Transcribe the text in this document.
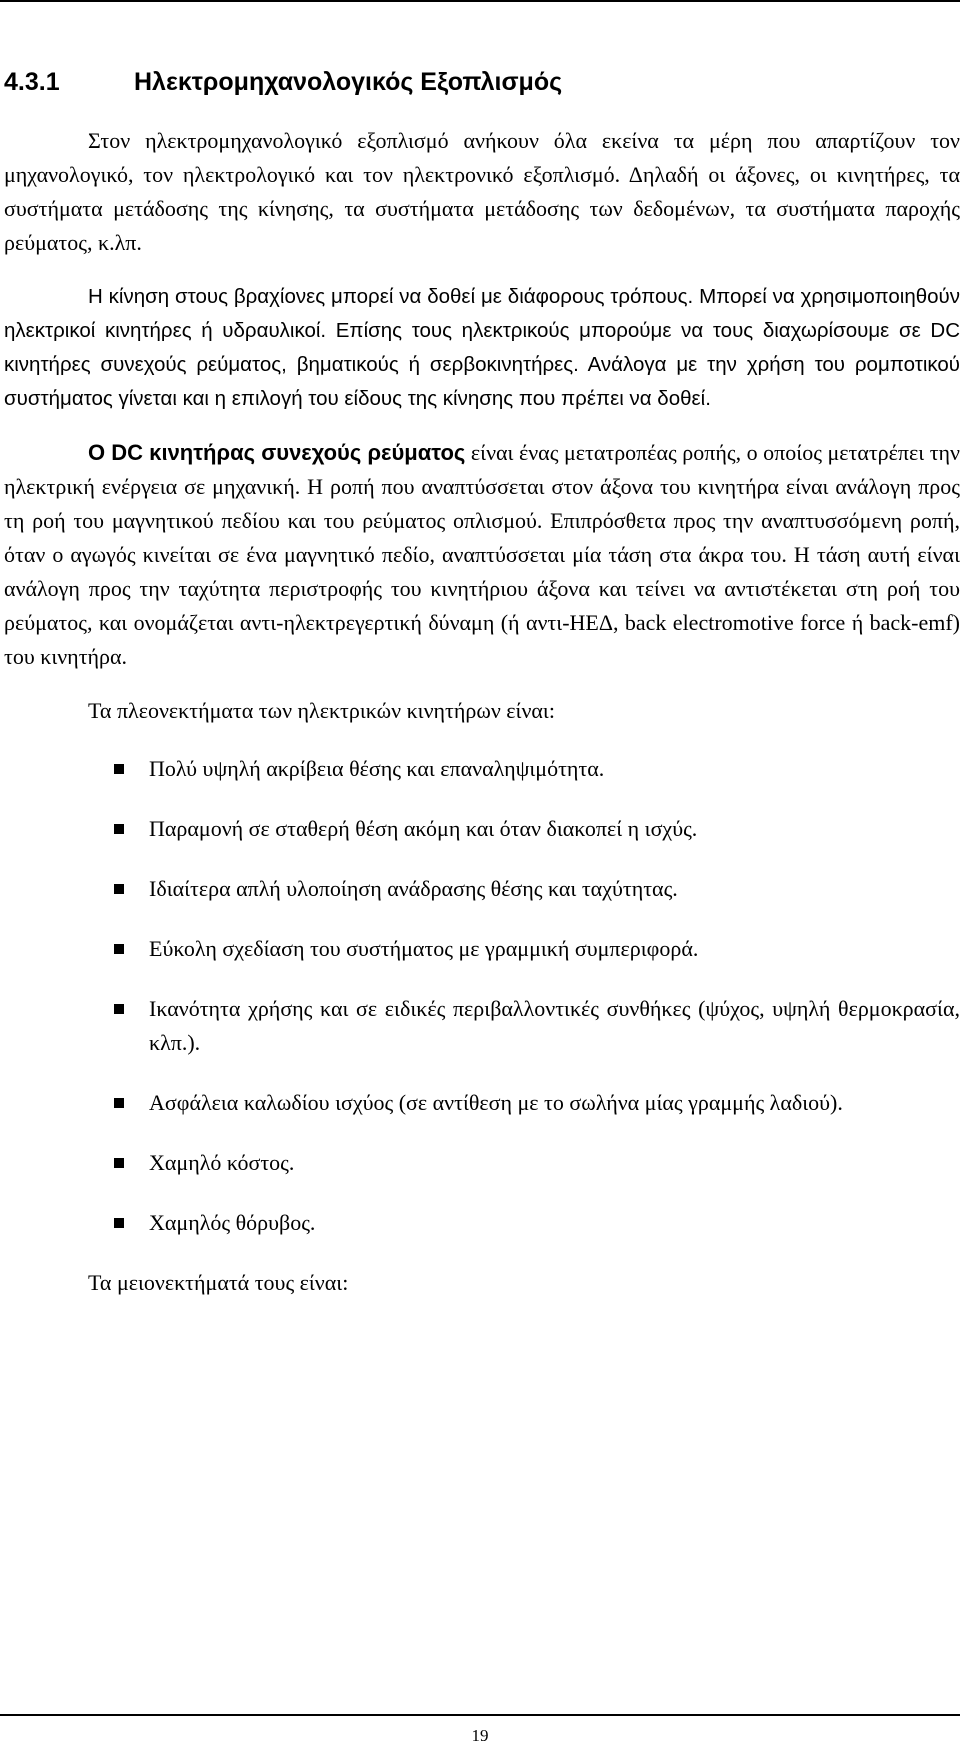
4.3.1	Ηλεκτρομηχανολογικός Εξοπλισμός

Στον ηλεκτρομηχανολογικό εξοπλισμό ανήκουν όλα εκείνα τα μέρη που απαρτίζουν τον μηχανολογικό, τον ηλεκτρολογικό και τον ηλεκτρονικό εξοπλισμό. Δηλαδή οι άξονες, οι κινητήρες, τα συστήματα μετάδοσης της κίνησης, τα συστήματα μετάδοσης των δεδομένων, τα συστήματα παροχής ρεύματος, κ.λπ.

Η κίνηση στους βραχίονες μπορεί να δοθεί με διάφορους τρόπους. Μπορεί να χρησιμοποιηθούν ηλεκτρικοί κινητήρες ή υδραυλικοί. Επίσης τους ηλεκτρικούς μπορούμε να τους διαχωρίσουμε σε DC κινητήρες συνεχούς ρεύματος, βηματικούς ή σερβοκινητήρες. Ανάλογα με την χρήση του ρομποτικού συστήματος γίνεται και η επιλογή του είδους της κίνησης που πρέπει να δοθεί.

Ο DC κινητήρας συνεχούς ρεύματος είναι ένας μετατροπέας ροπής, ο οποίος μετατρέπει την ηλεκτρική ενέργεια σε μηχανική. Η ροπή που αναπτύσσεται στον άξονα του κινητήρα είναι ανάλογη προς τη ροή του μαγνητικού πεδίου και του ρεύματος οπλισμού. Επιπρόσθετα προς την αναπτυσσόμενη ροπή, όταν ο αγωγός κινείται σε ένα μαγνητικό πεδίο, αναπτύσσεται μία τάση στα άκρα του. Η τάση αυτή είναι ανάλογη προς την ταχύτητα περιστροφής του κινητήριου άξονα και τείνει να αντιστέκεται στη ροή του ρεύματος, και ονομάζεται αντι-ηλεκτρεγερτική δύναμη (ή αντι-ΗΕΔ, back electromotive force ή back-emf) του κινητήρα.

Τα πλεονεκτήματα των ηλεκτρικών κινητήρων είναι:

Πολύ υψηλή ακρίβεια θέσης και επαναληψιμότητα.
Παραμονή σε σταθερή θέση ακόμη και όταν διακοπεί η ισχύς.
Ιδιαίτερα απλή υλοποίηση ανάδρασης θέσης και ταχύτητας.
Εύκολη σχεδίαση του συστήματος με γραμμική συμπεριφορά.
Ικανότητα χρήσης και σε ειδικές περιβαλλοντικές συνθήκες (ψύχος, υψηλή θερμοκρασία, κλπ.).
Ασφάλεια καλωδίου ισχύος (σε αντίθεση με το σωλήνα μίας γραμμής λαδιού).
Χαμηλό κόστος.
Χαμηλός θόρυβος.

Τα μειονεκτήματά τους είναι:

19
